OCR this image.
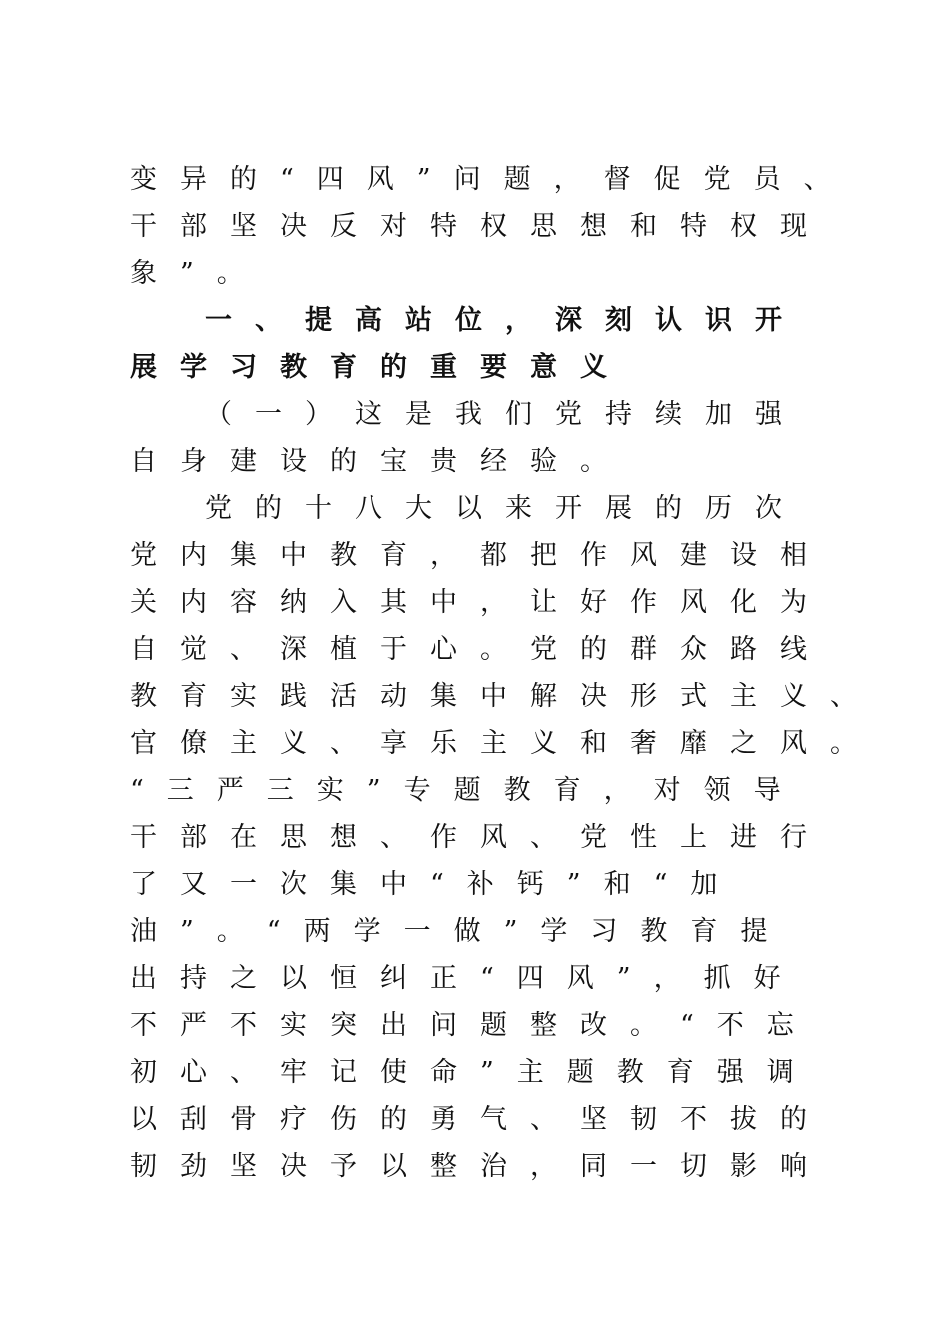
变异的“四风”问题，督促党员、
干部坚决反对特权思想和特权现
象”。
一、提高站位，深刻认识开
展学习教育的重要意义
（一）这是我们党持续加强
自身建设的宝贵经验。
党的十八大以来开展的历次
党内集中教育，都把作风建设相
关内容纳入其中，让好作风化为
自觉、深植于心。党的群众路线
教育实践活动集中解决形式主义、
官僚主义、享乐主义和奢靡之风。
“三严三实”专题教育，对领导
干部在思想、作风、党性上进行
了又一次集中“补钙”和“加
油”。“两学一做”学习教育提
出持之以恒纠正“四风”，抓好
不严不实突出问题整改。“不忘
初心、牢记使命”主题教育强调
以刮骨疗伤的勇气、坚韧不拔的
韧劲坚决予以整治，同一切影响
